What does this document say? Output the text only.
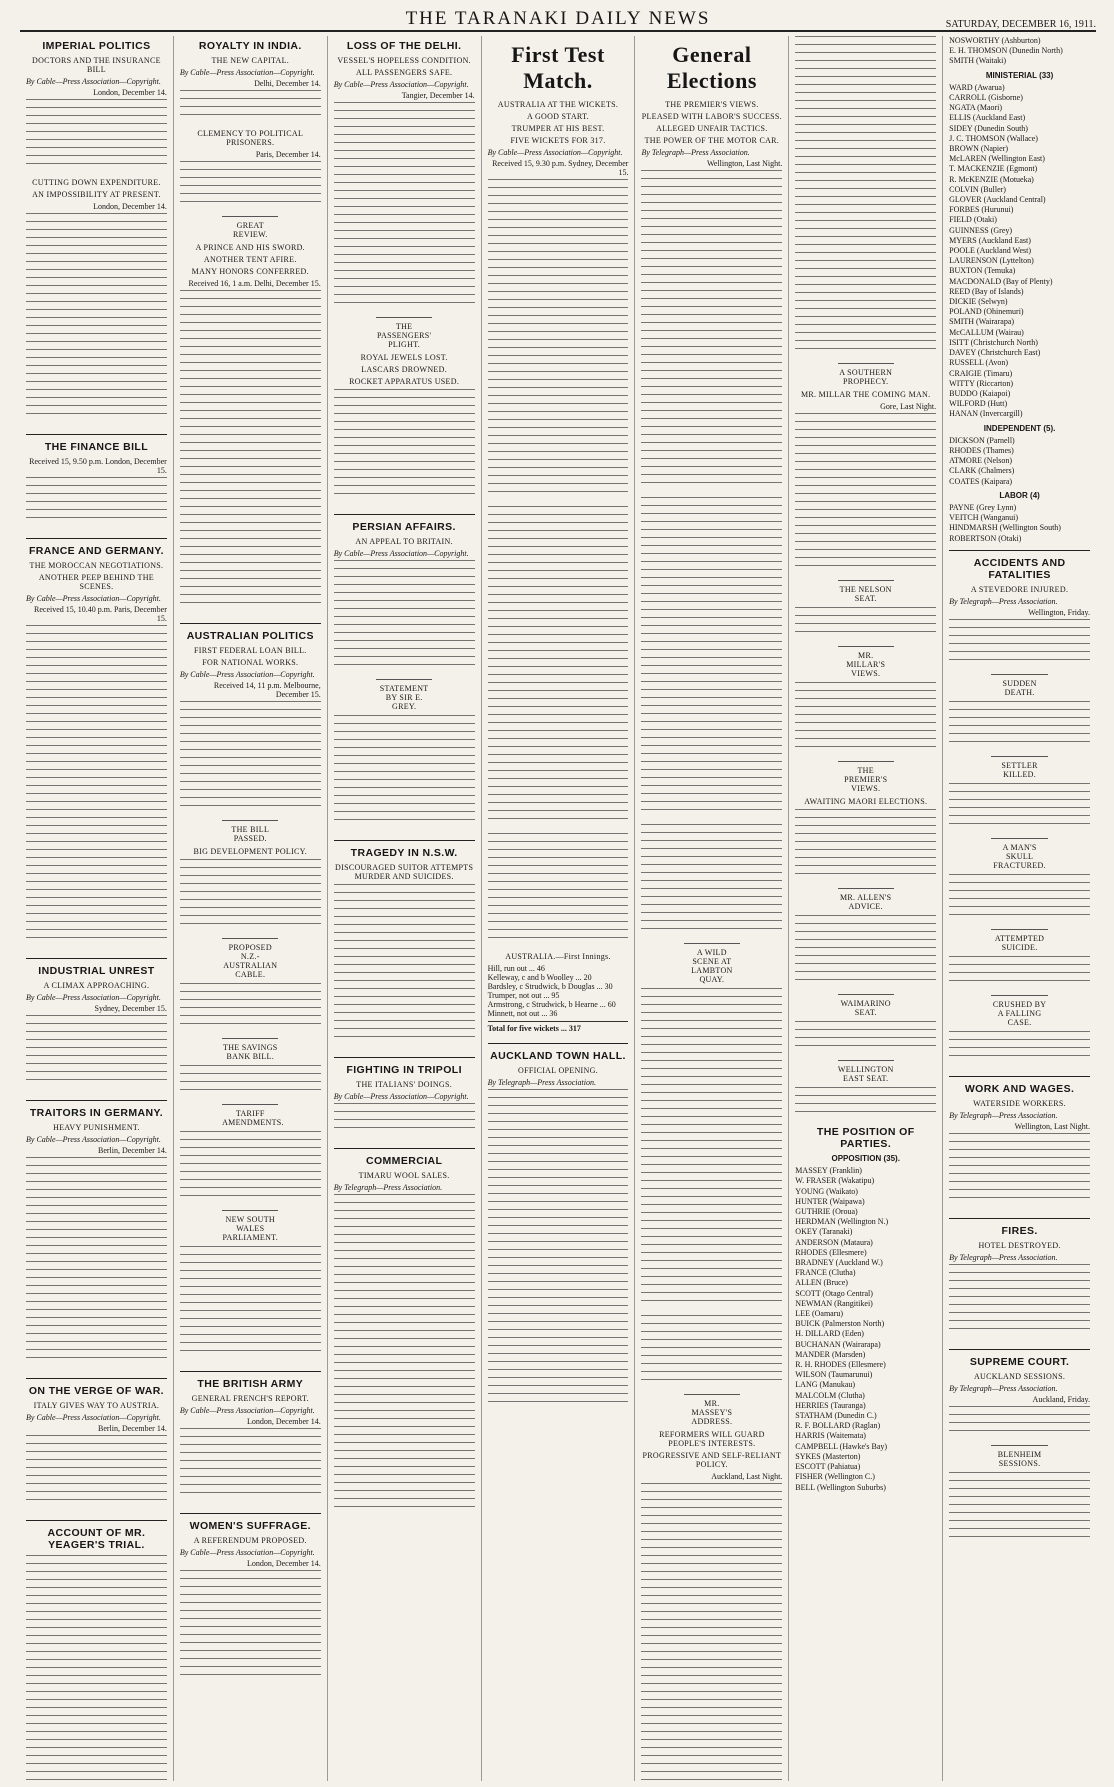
THE TARANAKI DAILY NEWS	SATURDAY, DECEMBER 16, 1911.
IMPERIAL POLITICS
DOCTORS AND THE INSURANCE BILL
By Cable—Press Association—Copyright.
London, December 14.
CUTTING DOWN EXPENDITURE.
AN IMPOSSIBILITY AT PRESENT.
London, December 14.
THE FINANCE BILL
Received 15, 9.50 p.m. London, December 15.
FRANCE AND GERMANY.
THE MOROCCAN NEGOTIATIONS.
ANOTHER PEEP BEHIND THE SCENES.
By Cable—Press Association—Copyright.
Received 15, 10.40 p.m. Paris, December 15.
INDUSTRIAL UNREST
A CLIMAX APPROACHING.
By Cable—Press Association—Copyright.
Sydney, December 15.
TRAITORS IN GERMANY.
HEAVY PUNISHMENT.
By Cable—Press Association—Copyright.
Berlin, December 14.
ON THE VERGE OF WAR.
ITALY GIVES WAY TO AUSTRIA.
By Cable—Press Association—Copyright.
Berlin, December 14.
ACCOUNT OF MR. YEAGER'S TRIAL.
ROYALTY IN INDIA.
THE NEW CAPITAL.
By Cable—Press Association—Copyright.
Delhi, December 14.
CLEMENCY TO POLITICAL PRISONERS.
Paris, December 14.
GREAT REVIEW.
A PRINCE AND HIS SWORD.
ANOTHER TENT AFIRE.
MANY HONORS CONFERRED.
Received 16, 1 a.m. Delhi, December 15.
AUSTRALIAN POLITICS
FIRST FEDERAL LOAN BILL.
FOR NATIONAL WORKS.
By Cable—Press Association—Copyright.
Received 14, 11 p.m. Melbourne, December 15.
THE BILL PASSED.
BIG DEVELOPMENT POLICY.
PROPOSED N.Z.-AUSTRALIAN CABLE.
THE SAVINGS BANK BILL.
TARIFF AMENDMENTS.
NEW SOUTH WALES PARLIAMENT.
THE BRITISH ARMY
GENERAL FRENCH'S REPORT.
By Cable—Press Association—Copyright.
London, December 14.
WOMEN'S SUFFRAGE.
A REFERENDUM PROPOSED.
By Cable—Press Association—Copyright.
London, December 14.
LOSS OF THE DELHI.
VESSEL'S HOPELESS CONDITION.
ALL PASSENGERS SAFE.
By Cable—Press Association—Copyright.
Tangier, December 14.
THE PASSENGERS' PLIGHT.
ROYAL JEWELS LOST.
LASCARS DROWNED.
ROCKET APPARATUS USED.
PERSIAN AFFAIRS.
AN APPEAL TO BRITAIN.
By Cable—Press Association—Copyright.
STATEMENT BY SIR E. GREY.
TRAGEDY IN N.S.W.
DISCOURAGED SUITOR ATTEMPTS MURDER AND SUICIDES.
FIGHTING IN TRIPOLI
THE ITALIANS' DOINGS.
By Cable—Press Association—Copyright.
COMMERCIAL
TIMARU WOOL SALES.
By Telegraph—Press Association.
First Test Match.
AUSTRALIA AT THE WICKETS.
A GOOD START.
TRUMPER AT HIS BEST.
FIVE WICKETS FOR 317.
By Cable—Press Association—Copyright.
Received 15, 9.30 p.m. Sydney, December 15.
AUSTRALIA.—First Innings.
Hill, run out ... 46
Kelleway, c and b Woolley ... 20
Bardsley, c Strudwick, b Douglas ... 30
Trumper, not out ... 95
Armstrong, c Strudwick, b Hearne ... 60
Minnett, not out ... 36
Total for five wickets ... 317
AUCKLAND TOWN HALL.
OFFICIAL OPENING.
By Telegraph—Press Association.
General Elections
THE PREMIER'S VIEWS.
PLEASED WITH LABOR'S SUCCESS.
ALLEGED UNFAIR TACTICS.
THE POWER OF THE MOTOR CAR.
By Telegraph—Press Association.
Wellington, Last Night.
A WILD SCENE AT LAMBTON QUAY.
MR. MASSEY'S ADDRESS.
REFORMERS WILL GUARD PEOPLE'S INTERESTS.
PROGRESSIVE AND SELF-RELIANT POLICY.
Auckland, Last Night.
A SOUTHERN PROPHECY.
MR. MILLAR THE COMING MAN.
Gore, Last Night.
THE NELSON SEAT.
MR. MILLAR'S VIEWS.
THE PREMIER'S VIEWS.
AWAITING MAORI ELECTIONS.
MR. ALLEN'S ADVICE.
WAIMARINO SEAT.
WELLINGTON EAST SEAT.
THE POSITION OF PARTIES.
OPPOSITION (35).
MASSEY (Franklin)
W. FRASER (Wakatipu)
YOUNG (Waikato)
HUNTER (Waipawa)
GUTHRIE (Oroua)
HERDMAN (Wellington N.)
OKEY (Taranaki)
ANDERSON (Mataura)
RHODES (Ellesmere)
BRADNEY (Auckland W.)
FRANCE (Clutha)
ALLEN (Bruce)
SCOTT (Otago Central)
NEWMAN (Rangitikei)
LEE (Oamaru)
BUICK (Palmerston North)
H. DILLARD (Eden)
BUCHANAN (Wairarapa)
MANDER (Marsden)
R. H. RHODES (Ellesmere)
WILSON (Taumarunui)
LANG (Manukau)
MALCOLM (Clutha)
HERRIES (Tauranga)
STATHAM (Dunedin C.)
R. F. BOLLARD (Raglan)
HARRIS (Waitemata)
CAMPBELL (Hawke's Bay)
SYKES (Masterton)
ESCOTT (Pahiatua)
FISHER (Wellington C.)
BELL (Wellington Suburbs)
NOSWORTHY (Ashburton)
E. H. THOMSON (Dunedin North)
SMITH (Waitaki)
MINISTERIAL (33)
WARD (Awarua)
CARROLL (Gisborne)
NGATA (Maori)
ELLIS (Auckland East)
SIDEY (Dunedin South)
J. C. THOMSON (Wallace)
BROWN (Napier)
McLAREN (Wellington East)
T. MACKENZIE (Egmont)
R. McKENZIE (Motueka)
COLVIN (Buller)
GLOVER (Auckland Central)
FORBES (Hurunui)
FIELD (Otaki)
GUINNESS (Grey)
MYERS (Auckland East)
POOLE (Auckland West)
LAURENSON (Lyttelton)
BUXTON (Temuka)
MACDONALD (Bay of Plenty)
REED (Bay of Islands)
DICKIE (Selwyn)
POLAND (Ohinemuri)
SMITH (Wairarapa)
McCALLUM (Wairau)
ISITT (Christchurch North)
DAVEY (Christchurch East)
RUSSELL (Avon)
CRAIGIE (Timaru)
WITTY (Riccarton)
BUDDO (Kaiapoi)
WILFORD (Hutt)
HANAN (Invercargill)
INDEPENDENT (5).
DICKSON (Parnell)
RHODES (Thames)
ATMORE (Nelson)
CLARK (Chalmers)
COATES (Kaipara)
LABOR (4)
PAYNE (Grey Lynn)
VEITCH (Wanganui)
HINDMARSH (Wellington South)
ROBERTSON (Otaki)
ACCIDENTS AND FATALITIES
A STEVEDORE INJURED.
By Telegraph—Press Association.
Wellington, Friday.
SUDDEN DEATH.
SETTLER KILLED.
A MAN'S SKULL FRACTURED.
ATTEMPTED SUICIDE.
CRUSHED BY A FALLING CASE.
WORK AND WAGES.
WATERSIDE WORKERS.
By Telegraph—Press Association.
Wellington, Last Night.
FIRES.
HOTEL DESTROYED.
By Telegraph—Press Association.
SUPREME COURT.
AUCKLAND SESSIONS.
By Telegraph—Press Association.
Auckland, Friday.
BLENHEIM SESSIONS.
